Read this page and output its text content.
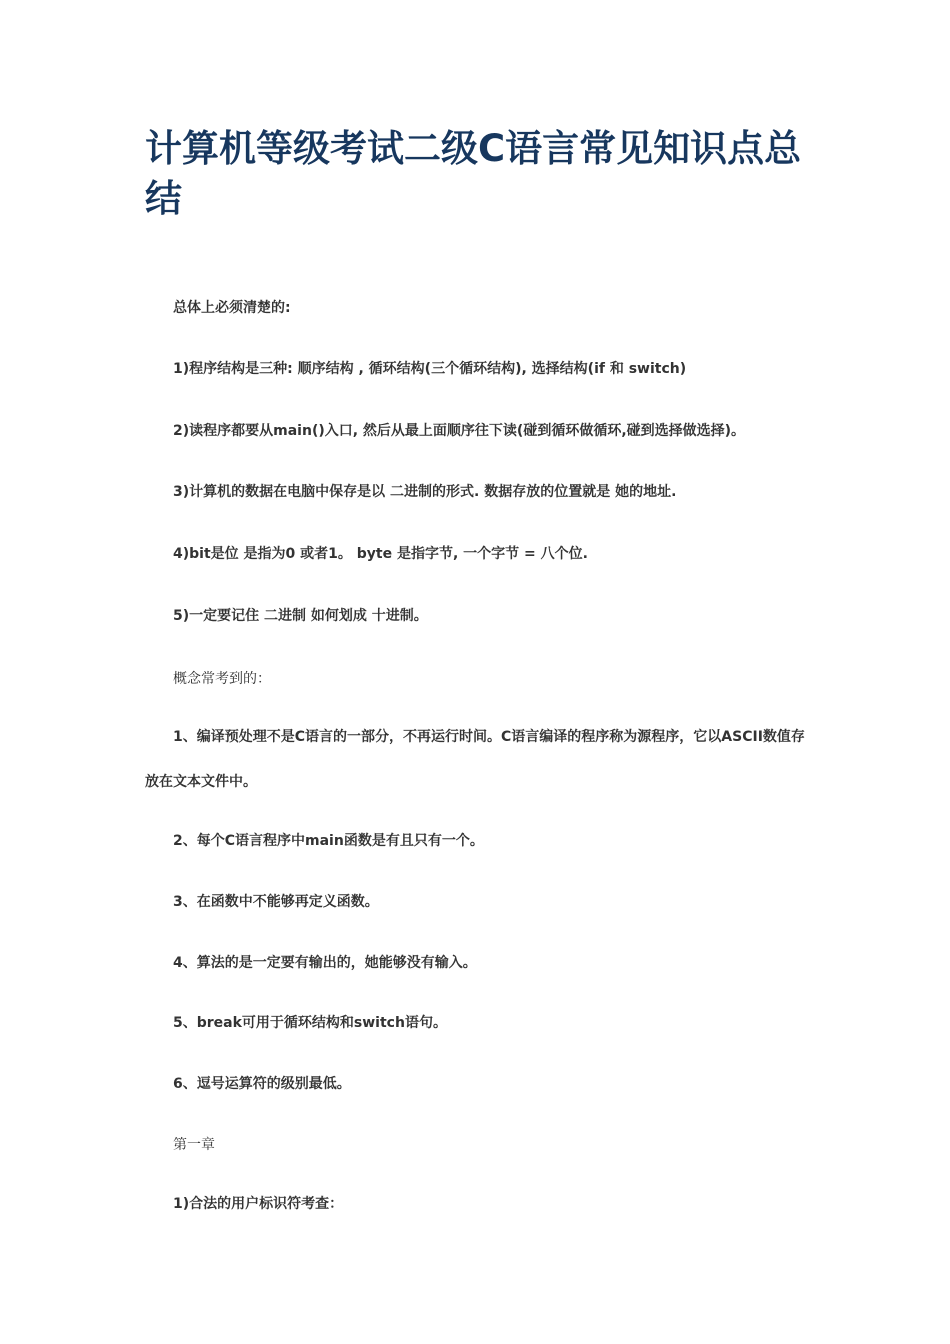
计算机等级考试二级C语言常见知识点总结

总体上必须清楚的:

1)程序结构是三种: 顺序结构 , 循环结构(三个循环结构), 选择结构(if 和 switch)

2)读程序都要从main()入口, 然后从最上面顺序往下读(碰到循环做循环,碰到选择做选择)。

3)计算机的数据在电脑中保存是以 二进制的形式. 数据存放的位置就是 她的地址.

4)bit是位 是指为0 或者1。 byte 是指字节, 一个字节 = 八个位.

5)一定要记住 二进制 如何划成 十进制。

概念常考到的：

1、编译预处理不是C语言的一部分，不再运行时间。C语言编译的程序称为源程序，它以ASCII数值存放在文本文件中。

2、每个C语言程序中main函数是有且只有一个。

3、在函数中不能够再定义函数。

4、算法的是一定要有输出的，她能够没有输入。

5、break可用于循环结构和switch语句。

6、逗号运算符的级别最低。

第一章

1)合法的用户标识符考查：
